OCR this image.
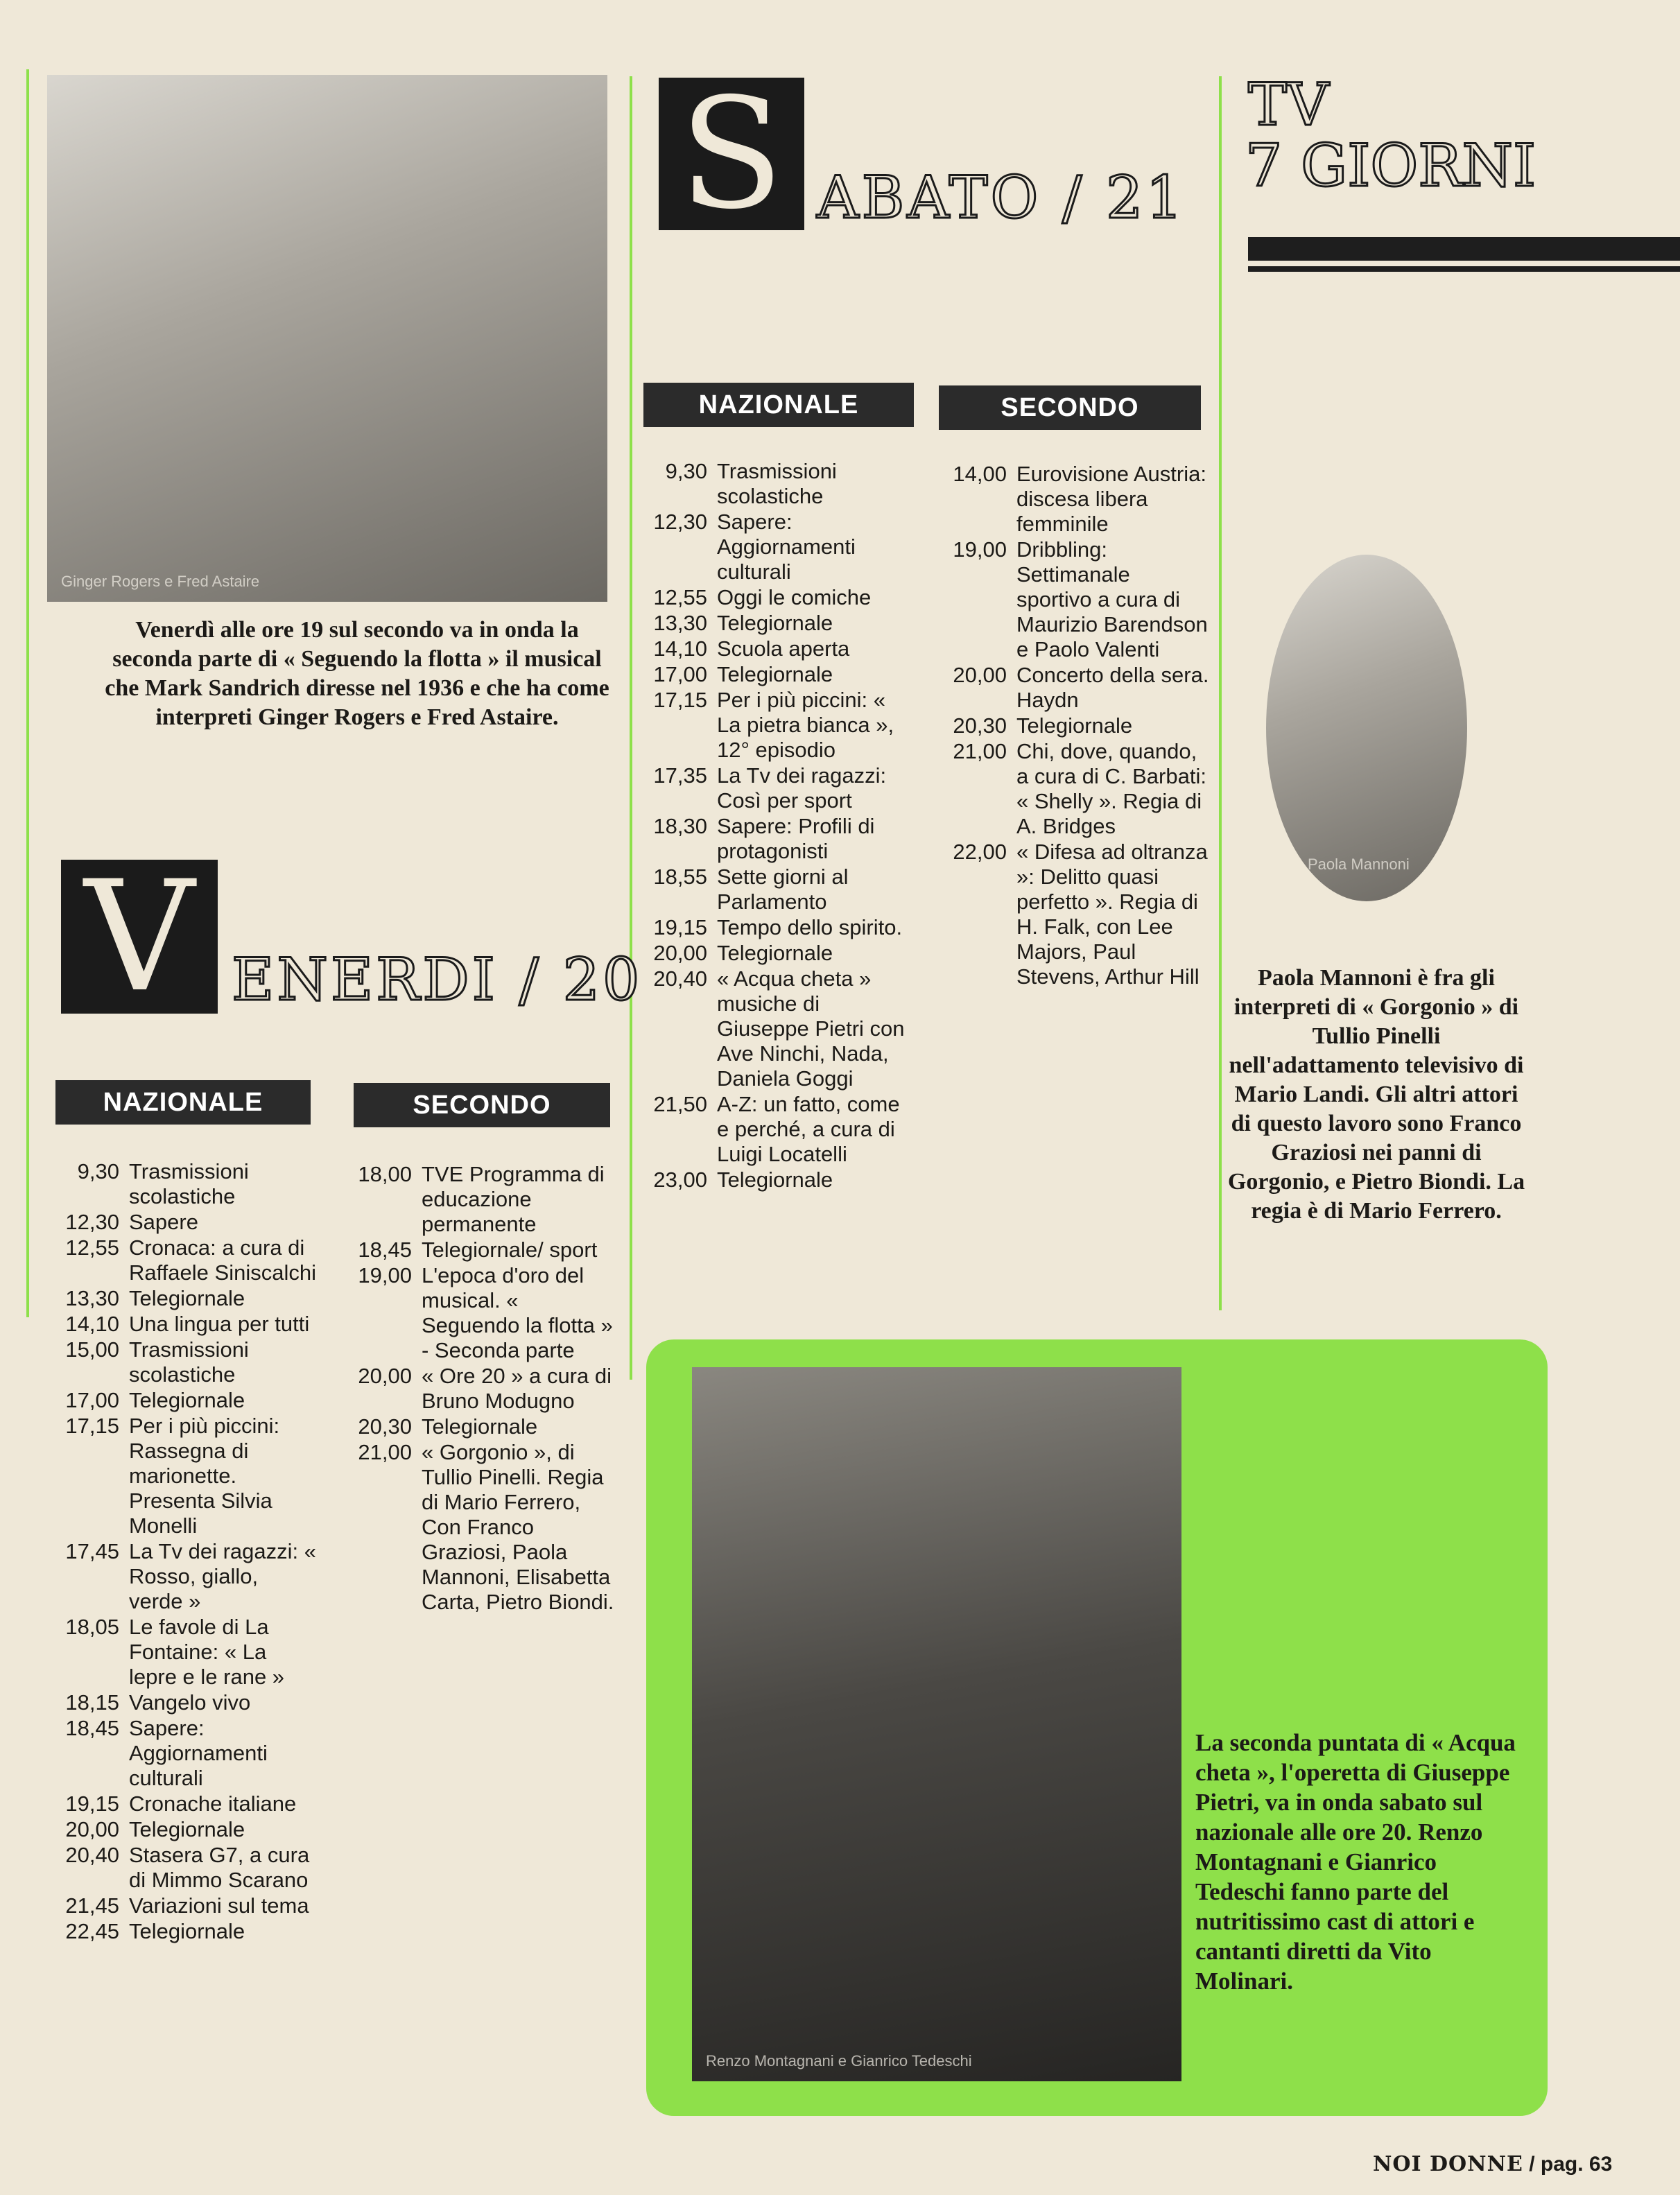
Ginger Rogers e Fred Astaire
Venerdì alle ore 19 sul secondo va in onda la seconda parte di « Seguendo la flotta » il musical che Mark Sandrich diresse nel 1936 e che ha come interpreti Ginger Rogers e Fred Astaire.
S ABATO / 21
TV
7 GIORNI
NAZIONALE	SECONDO
9,30 Trasmissioni scolastiche
12,30 Sapere: Aggiornamenti culturali
12,55 Oggi le comiche
13,30 Telegiornale
14,10 Scuola aperta
17,00 Telegiornale
17,15 Per i più piccini: « La pietra bianca », 12° episodio
17,35 La Tv dei ragazzi: Così per sport
18,30 Sapere: Profili di protagonisti
18,55 Sette giorni al Parlamento
19,15 Tempo dello spirito.
20,00 Telegiornale
20,40 « Acqua cheta » musiche di Giuseppe Pietri con Ave Ninchi, Nada, Daniela Goggi
21,50 A-Z: un fatto, come e perché, a cura di Luigi Locatelli
23,00 Telegiornale
14,00 Eurovisione Austria: discesa libera femminile
19,00 Dribbling: Settimanale sportivo a cura di Maurizio Barendson e Paolo Valenti
20,00 Concerto della sera. Haydn
20,30 Telegiornale
21,00 Chi, dove, quando, a cura di C. Barbati: « Shelly ». Regia di A. Bridges
22,00 « Difesa ad oltranza »: Delitto quasi perfetto ». Regia di H. Falk, con Lee Majors, Paul Stevens, Arthur Hill
Paola Mannoni
Paola Mannoni è fra gli interpreti di « Gorgonio » di Tullio Pinelli nell'adattamento televisivo di Mario Landi. Gli altri attori di questo lavoro sono Franco Graziosi nei panni di Gorgonio, e Pietro Biondi. La regia è di Mario Ferrero.
V ENERDI / 20
NAZIONALE	SECONDO
9,30 Trasmissioni scolastiche
12,30 Sapere
12,55 Cronaca: a cura di Raffaele Siniscalchi
13,30 Telegiornale
14,10 Una lingua per tutti
15,00 Trasmissioni scolastiche
17,00 Telegiornale
17,15 Per i più piccini: Rassegna di marionette. Presenta Silvia Monelli
17,45 La Tv dei ragazzi: « Rosso, giallo, verde »
18,05 Le favole di La Fontaine: « La lepre e le rane »
18,15 Vangelo vivo
18,45 Sapere: Aggiornamenti culturali
19,15 Cronache italiane
20,00 Telegiornale
20,40 Stasera G7, a cura di Mimmo Scarano
21,45 Variazioni sul tema
22,45 Telegiornale
18,00 TVE Programma di educazione permanente
18,45 Telegiornale/ sport
19,00 L'epoca d'oro del musical. « Seguendo la flotta » - Seconda parte
20,00 « Ore 20 » a cura di Bruno Modugno
20,30 Telegiornale
21,00 « Gorgonio », di Tullio Pinelli. Regia di Mario Ferrero, Con Franco Graziosi, Paola Mannoni, Elisabetta Carta, Pietro Biondi.
Renzo Montagnani e Gianrico Tedeschi
La seconda puntata di « Acqua cheta », l'operetta di Giuseppe Pietri, va in onda sabato sul nazionale alle ore 20. Renzo Montagnani e Gianrico Tedeschi fanno parte del nutritissimo cast di attori e cantanti diretti da Vito Molinari.
NOI DONNE / pag. 63
